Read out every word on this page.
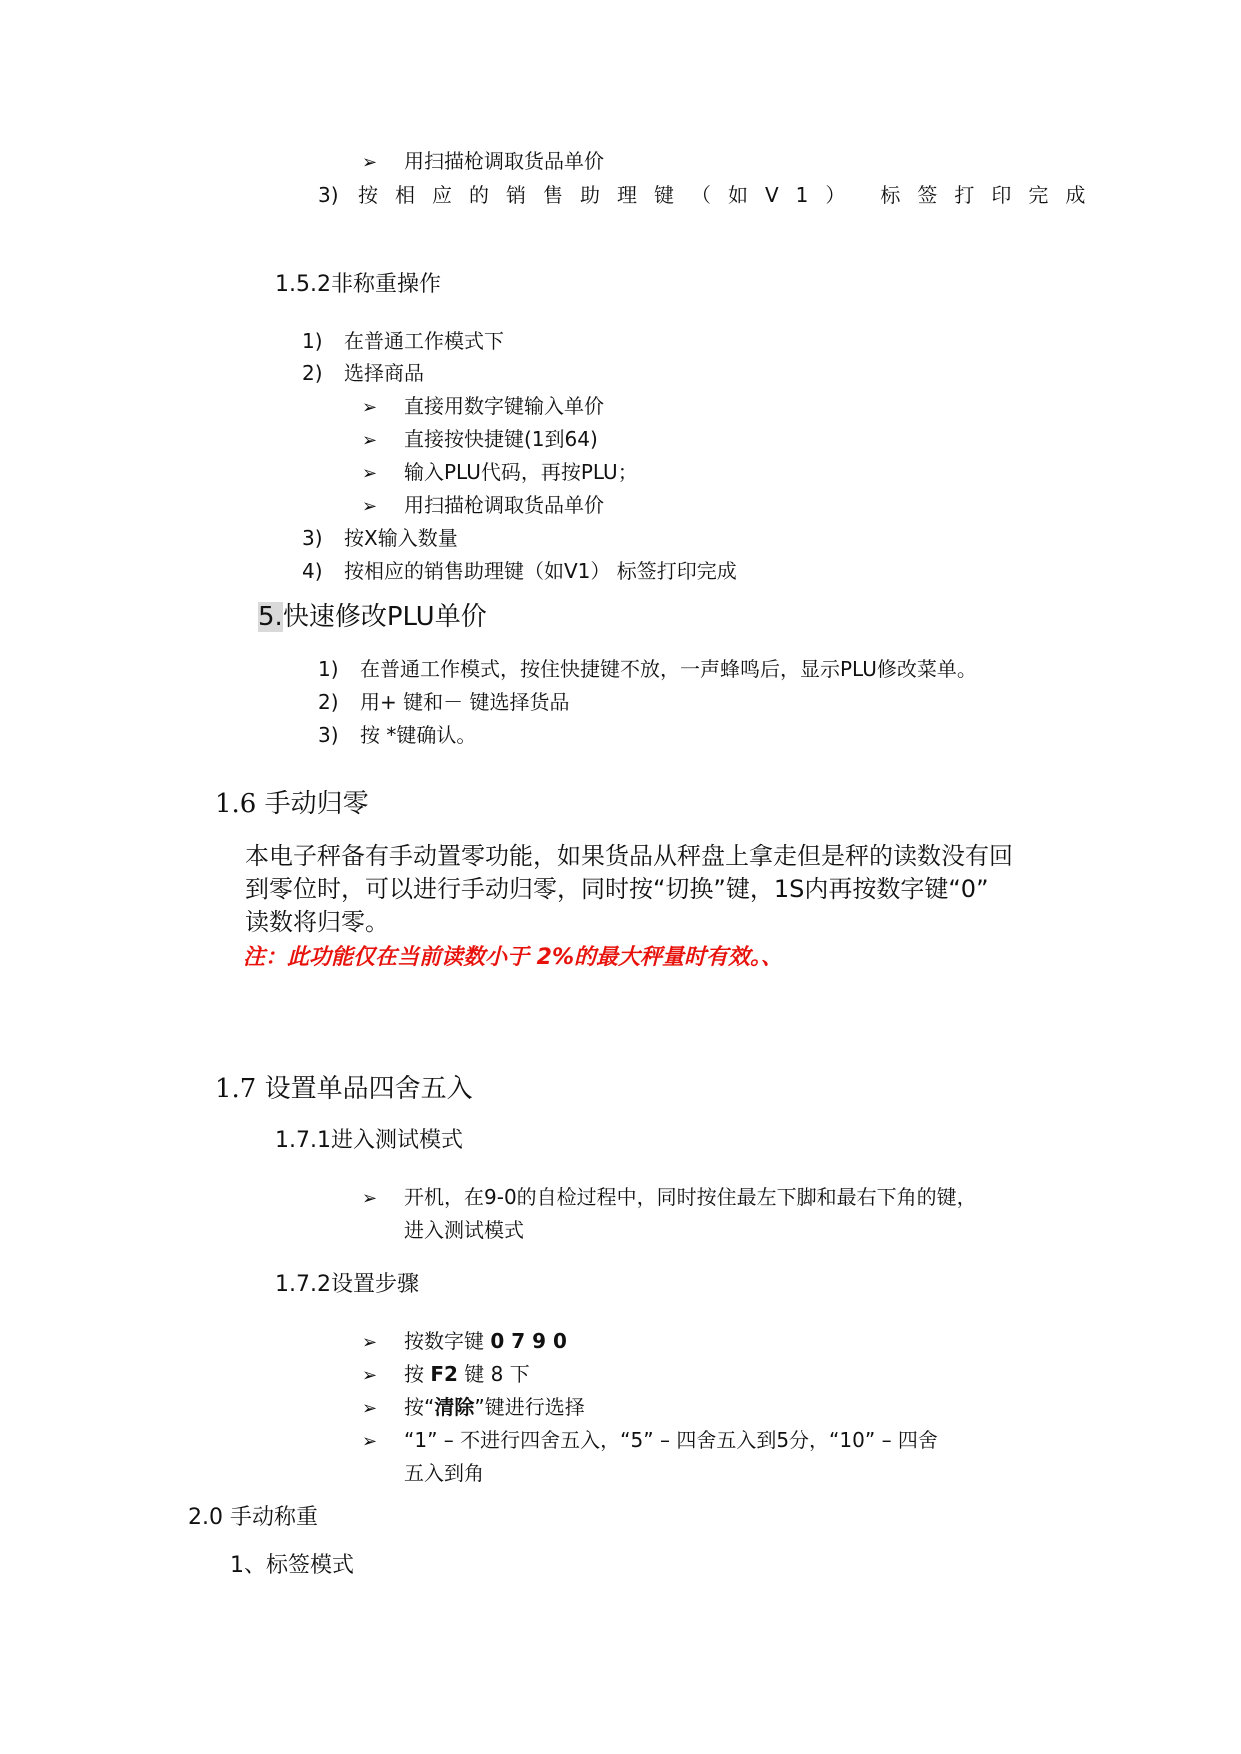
➢ 用扫描枪调取货品单价
3) 按相应的销售助理键（如V1） 标签打印完成
1.5.2非称重操作
1) 在普通工作模式下
2) 选择商品
➢ 直接用数字键输入单价
➢ 直接按快捷键(1到64)
➢ 输入PLU代码，再按PLU；
➢ 用扫描枪调取货品单价
3) 按X输入数量
4) 按相应的销售助理键（如V1） 标签打印完成
5.快速修改PLU单价
1) 在普通工作模式，按住快捷键不放，一声蜂鸣后，显示PLU修改菜单。
2) 用+ 键和－ 键选择货品
3) 按 *键确认。
1.6 手动归零
本电子秤备有手动置零功能，如果货品从秤盘上拿走但是秤的读数没有回
到零位时，可以进行手动归零，同时按“切换”键，1S内再按数字键“0”
读数将归零。
注：此功能仅在当前读数小于 2%的最大秤量时有效。、
1.7 设置单品四舍五入
1.7.1进入测试模式
➢ 开机，在9-0的自检过程中，同时按住最左下脚和最右下角的键，
进入测试模式
1.7.2设置步骤
➢ 按数字键 0 7 9 0
➢ 按 F2 键 8 下
➢ 按“清除”键进行选择
➢ “1” – 不进行四舍五入，“5” – 四舍五入到5分，“10” – 四舍
五入到角
2.0 手动称重
1、标签模式
